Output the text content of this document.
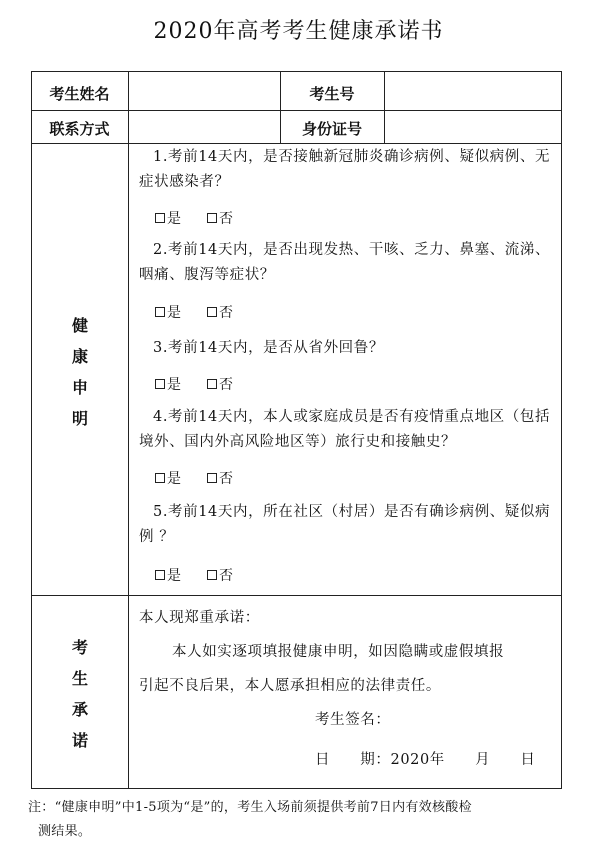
2020年高考考生健康承诺书
考生姓名	考生号
联系方式	身份证号
健
康
申
明

1.考前14天内，是否接触新冠肺炎确诊病例、疑似病例、无症状感染者？

是	否

2.考前14天内，是否出现发热、干咳、乏力、鼻塞、流涕、咽痛、腹泻等症状？

是	否

3.考前14天内，是否从省外回鲁？

是	否

4.考前14天内，本人或家庭成员是否有疫情重点地区（包括境外、国内外高风险地区等）旅行史和接触史？

是	否

5.考前14天内，所在社区（村居）是否有确诊病例、疑似病例 ？

是	否
考
生
承
诺
本人现郑重承诺：
本人如实逐项填报健康申明，如因隐瞒或虚假填报
引起不良后果，本人愿承担相应的法律责任。
考生签名：
日　　期：2020年　　月　　日
注：“健康申明”中1-5项为“是”的，考生入场前须提供考前7日内有效核酸检
测结果。
